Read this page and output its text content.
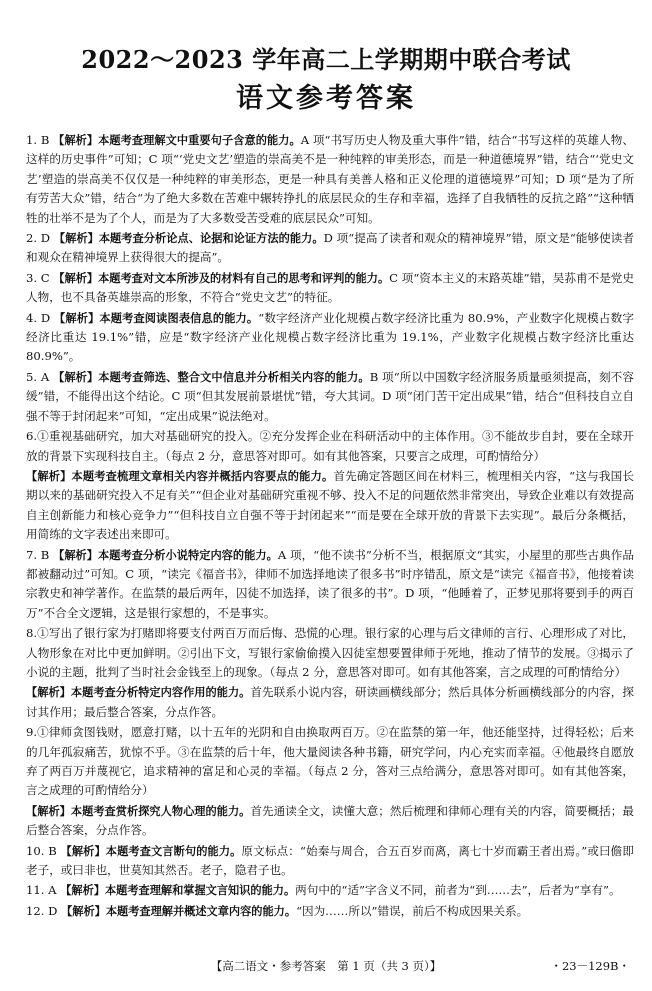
2022～2023 学年高二上学期期中联合考试
语文参考答案

1. B 【解析】本题考查理解文中重要句子含意的能力。A 项“书写历史人物及重大事件”错，结合“书写这样的英雄人物、这样的历史事件”可知；C 项“‘党史文艺’塑造的崇高美不是一种纯粹的审美形态，而是一种道德境界”错，结合“‘党史文艺’塑造的崇高美不仅仅是一种纯粹的审美形态，更是一种具有美善人格和正义伦理的道德境界”可知；D 项“是为了所有劳苦大众”错，结合“为了绝大多数在苦难中辗转挣扎的底层民众的生存和幸福，选择了自我牺牲的反抗之路”“这种牺牲的壮举不是为了个人，而是为了大多数受苦受难的底层民众”可知。

2. D 【解析】本题考查分析论点、论据和论证方法的能力。D 项“提高了读者和观众的精神境界”错，原文是“能够使读者和观众在精神境界上获得很大的提高”。

3. C 【解析】本题考查对文本所涉及的材料有自己的思考和评判的能力。C 项“资本主义的末路英雄”错，吴荪甫不是党史人物，也不具备英雄崇高的形象，不符合“党史文艺”的特征。

4. D 【解析】本题考查阅读图表信息的能力。“数字经济产业化规模占数字经济比重为 80.9%，产业数字化规模占数字经济比重达 19.1%”错，应是“数字经济产业化规模占数字经济比重为 19.1%，产业数字化规模占数字经济比重达 80.9%”。

5. A 【解析】本题考查筛选、整合文中信息并分析相关内容的能力。B 项“所以中国数字经济服务质量亟须提高，刻不容缓”错，不能得出这个结论。C 项“但其发展前景堪忧”错，夸大其词。D 项“闭门苦干定出成果”错，结合“但科技自立自强不等于封闭起来”可知，“定出成果”说法绝对。

6.①重视基础研究，加大对基础研究的投入。②充分发挥企业在科研活动中的主体作用。③不能故步自封，要在全球开放的背景下实现科技自主。（每点 2 分，意思答对即可。如有其他答案，只要言之成理，可酌情给分）

【解析】本题考查梳理文章相关内容并概括内容要点的能力。首先确定答题区间在材料三，梳理相关内容，“这与我国长期以来的基础研究投入不足有关”“但企业对基础研究重视不够、投入不足的问题依然非常突出，导致企业难以有效提高自主创新能力和核心竞争力”“但科技自立自强不等于封闭起来”“而是要在全球开放的背景下去实现”。最后分条概括，用简练的文字表述出来即可。

7. B 【解析】本题考查分析小说特定内容的能力。A 项，“他不读书”分析不当，根据原文“其实，小屋里的那些古典作品都被翻动过”可知。C 项，“读完《福音书》，律师不加选择地读了很多书”时序错乱，原文是“读完《福音书》，他接着读宗教史和神学著作。在监禁的最后两年，囚徒不加选择，读了很多的书”。D 项，“他睡着了，正梦见那将要到手的两百万”不合全文逻辑，这是银行家想的，不是事实。

8.①写出了银行家为打赌即将要支付两百万而后悔、恐慌的心理。银行家的心理与后文律师的言行、心理形成了对比，人物形象在对比中更加鲜明。②引出下文，写银行家偷偷摸入囚徒室想要置律师于死地，推动了情节的发展。③揭示了小说的主题，批判了当时社会金钱至上的现象。（每点 2 分，意思答对即可。如有其他答案，言之成理的可酌情给分）

【解析】本题考查分析特定内容作用的能力。首先联系小说内容，研读画横线部分；然后具体分析画横线部分的内容，探讨其作用；最后整合答案，分点作答。

9.①律师贪图钱财，愿意打赌，以十五年的光阴和自由换取两百万。②在监禁的第一年，他还能坚持，过得轻松；后来的几年孤寂痛苦，犹惊不乎。③在监禁的后十年，他大量阅读各种书籍，研究学问，内心充实而幸福。④他最终自愿放弃了两百万并蔑视它，追求精神的富足和心灵的幸福。（每点 2 分，答对三点给满分，意思答对即可。如有其他答案，言之成理的可酌情给分）

【解析】本题考查赏析探究人物心理的能力。首先通读全文，读懂大意；然后梳理和律师心理有关的内容，简要概括；最后整合答案，分点作答。

10. B 【解析】本题考查文言断句的能力。原文标点：“始秦与周合，合五百岁而离，离七十岁而霸王者出焉。”或曰儋即老子，或曰非也，世莫知其然否。老子，隐君子也。

11. A 【解析】本题考查理解和掌握文言知识的能力。两句中的“适”字含义不同，前者为“到……去”，后者为“享有”。

12. D 【解析】本题考查理解并概述文章内容的能力。“因为……所以”错误，前后不构成因果关系。

【高二语文・参考答案　第 1 页（共 3 页）】	・23－129B・
